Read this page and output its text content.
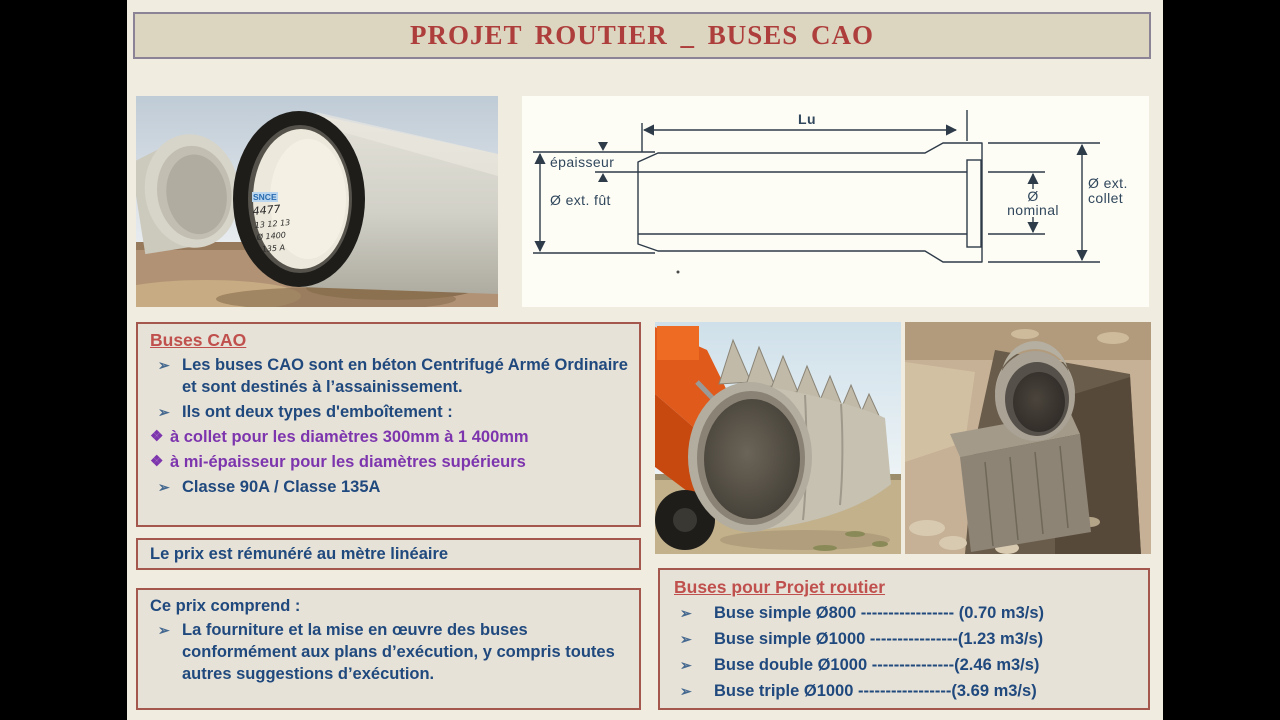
PROJET ROUTIER _ BUSES CAO
SNCE
4477
13 12 13
Ø 1400
135 A
Lu
épaisseur
Ø ext. fût	Ø
nominal
Ø ext.
collet

Buses CAO

➢ Les buses CAO sont en béton Centrifugé Armé Ordinaire et sont destinés à l’assainissement.
➢ Ils ont deux types d'emboîtement :
❖ à collet pour les diamètres 300mm à 1 400mm
❖ à mi-épaisseur pour les diamètres supérieurs
➢ Classe 90A / Classe 135A
Le prix est rémunéré au mètre linéaire

Ce prix comprend :

➢ La fourniture et la mise en œuvre des buses conformément aux plans d’exécution, y compris toutes autres suggestions d’exécution.

Buses pour Projet routier

➢	Buse simple Ø800 ----------------- (0.70 m3/s)
➢	Buse simple Ø1000 ----------------(1.23 m3/s)
➢	Buse double Ø1000 ---------------(2.46 m3/s)
➢	Buse triple Ø1000 -----------------(3.69 m3/s)
